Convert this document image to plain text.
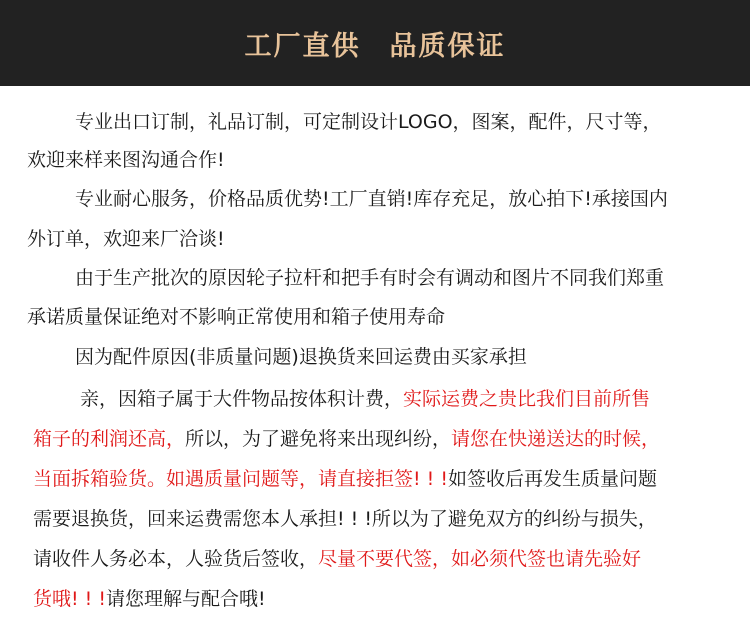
工厂直供　品质保证
专业出口订制，礼品订制，可定制设计LOGO，图案，配件，尺寸等，
欢迎来样来图沟通合作!
专业耐心服务，价格品质优势!工厂直销!库存充足，放心拍下!承接国内
外订单，欢迎来厂洽谈!
由于生产批次的原因轮子拉杆和把手有时会有调动和图片不同我们郑重
承诺质量保证绝对不影响正常使用和箱子使用寿命
因为配件原因(非质量问题)退换货来回运费由买家承担
亲，因箱子属于大件物品按体积计费，实际运费之贵比我们目前所售
箱子的利润还高，所以，为了避免将来出现纠纷，请您在快递送达的时候，
当面拆箱验货。如遇质量问题等，请直接拒签! ! !如签收后再发生质量问题
需要退换货，回来运费需您本人承担! ! !所以为了避免双方的纠纷与损失，
请收件人务必本，人验货后签收，尽量不要代签，如必须代签也请先验好
货哦! ! !请您理解与配合哦!
